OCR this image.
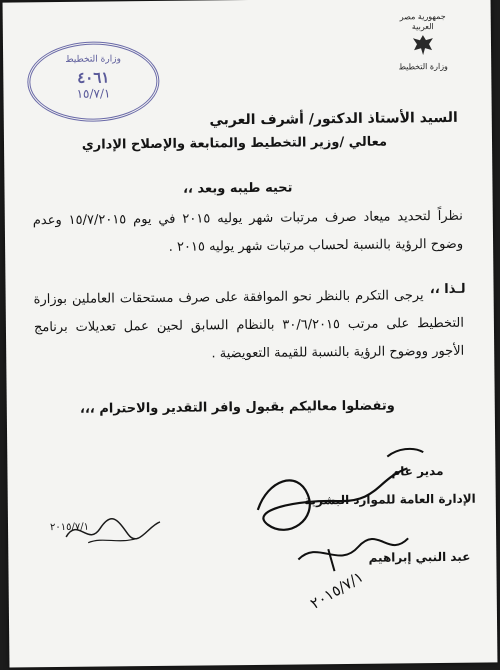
جمهورية مصر العربية
وزارة التخطيط
وزارة التخطيط
٤٠٦١
١٥/٧/١
السيد الأستاذ الدكتور/ أشرف العربي
معالي /وزير التخطيط والمتابعة والإصلاح الإداري
تحيه طيبه وبعد ،،
نظراً لتحديد ميعاد صرف مرتبات شهر يوليه ٢٠١٥ في يوم ١٥/٧/٢٠١٥ وعدم وضوح الرؤية بالنسبة لحساب مرتبات شهر يوليه ٢٠١٥ .
لـذا ،،
يرجى التكرم بالنظر نحو الموافقة على صرف مستحقات العاملين بوزارة التخطيط على مرتب ٣٠/٦/٢٠١٥ بالنظام السابق لحين عمل تعديلات برنامج الأجور ووضوح الرؤية بالنسبة للقيمة التعويضية .
وتفضلوا معاليكم بقبول وافر التقدير والاحترام ،،،
مدير عام
الإدارة العامة للموارد البشرية
٢٠١٥/٧/١
عبد النبي إبراهيم
٢٠١٥/٧/١
